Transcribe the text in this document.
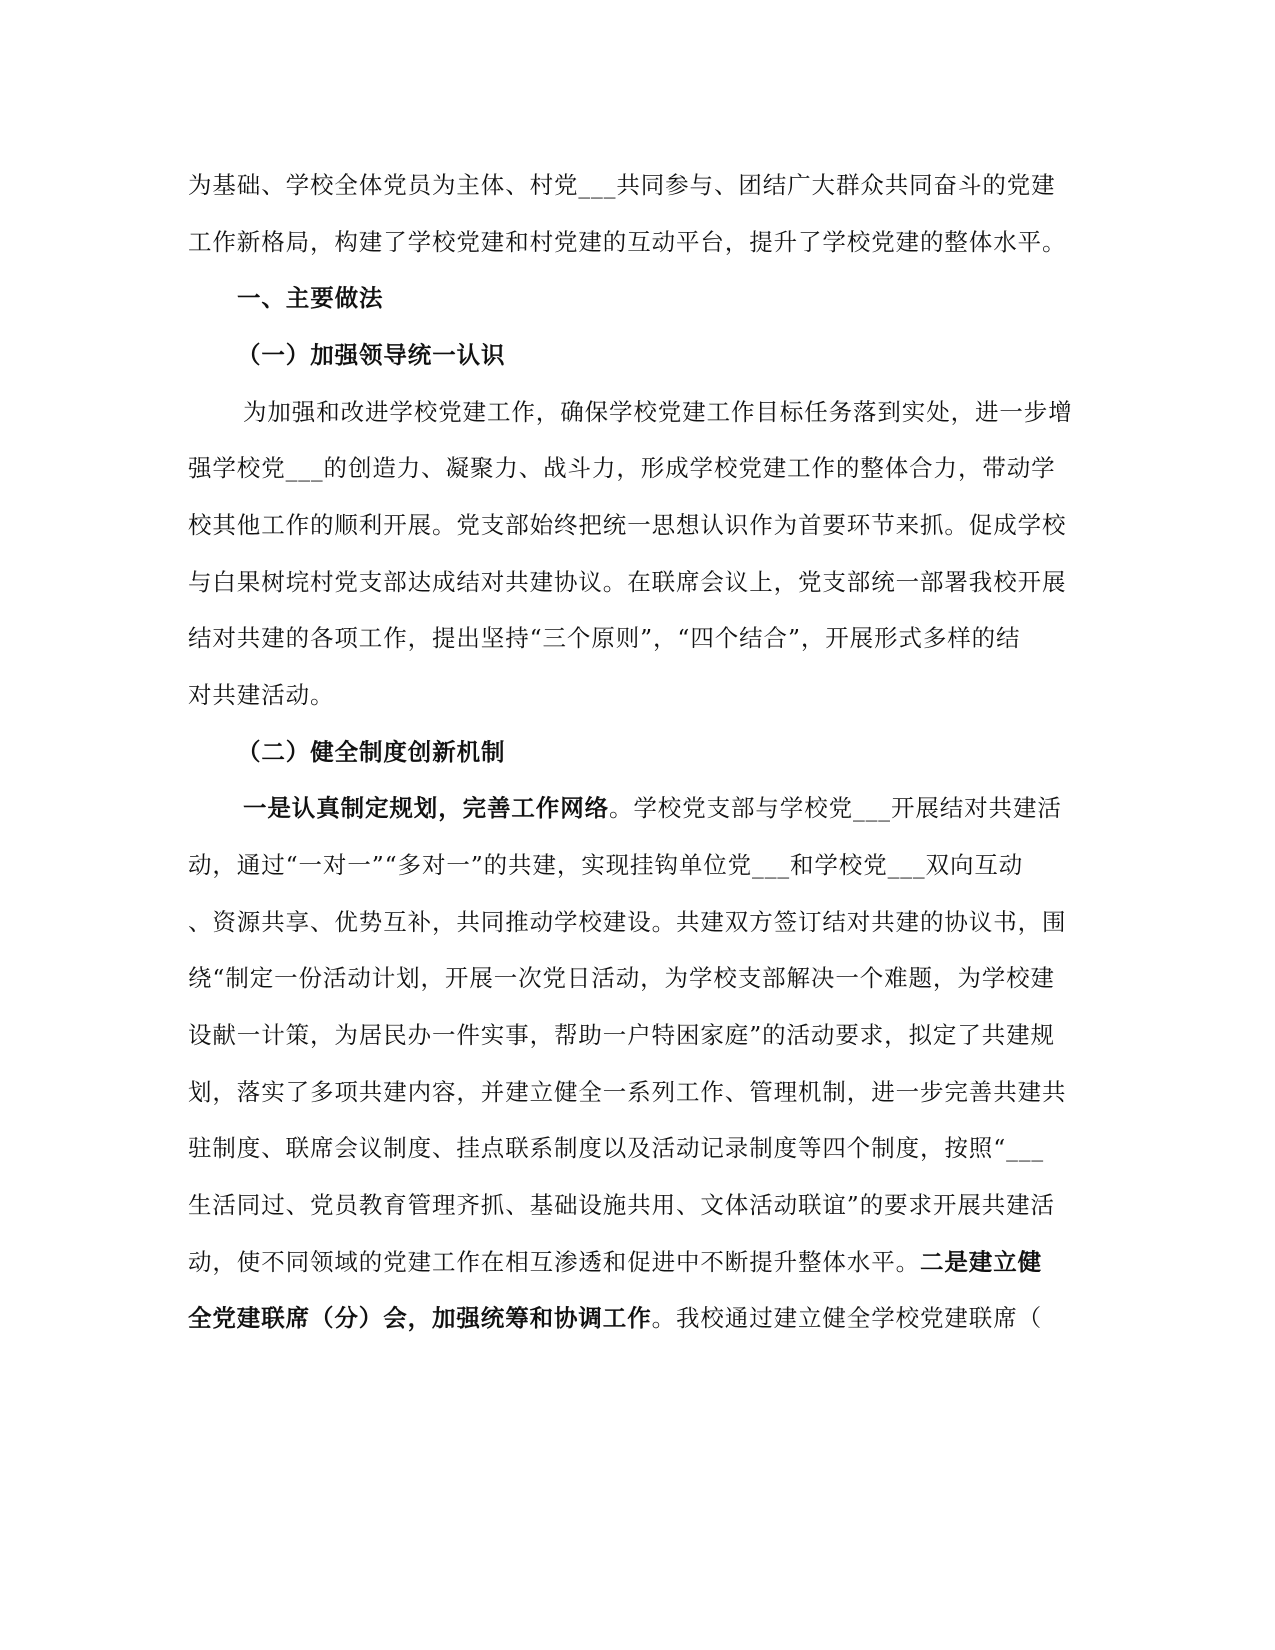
为基础、学校全体党员为主体、村党___共同参与、团结广大群众共同奋斗的党建
工作新格局，构建了学校党建和村党建的互动平台，提升了学校党建的整体水平。
一、主要做法
（一）加强领导统一认识
为加强和改进学校党建工作，确保学校党建工作目标任务落到实处，进一步增
强学校党___的创造力、凝聚力、战斗力，形成学校党建工作的整体合力，带动学
校其他工作的顺利开展。党支部始终把统一思想认识作为首要环节来抓。促成学校
与白果树垸村党支部达成结对共建协议。在联席会议上，党支部统一部署我校开展
结对共建的各项工作，提出坚持“三个原则”，“四个结合”，开展形式多样的结
对共建活动。
（二）健全制度创新机制
一是认真制定规划，完善工作网络。学校党支部与学校党___开展结对共建活
动，通过“一对一”“多对一”的共建，实现挂钩单位党___和学校党___双向互动
、资源共享、优势互补，共同推动学校建设。共建双方签订结对共建的协议书，围
绕“制定一份活动计划，开展一次党日活动，为学校支部解决一个难题，为学校建
设献一计策，为居民办一件实事，帮助一户特困家庭”的活动要求，拟定了共建规
划，落实了多项共建内容，并建立健全一系列工作、管理机制，进一步完善共建共
驻制度、联席会议制度、挂点联系制度以及活动记录制度等四个制度，按照“___
生活同过、党员教育管理齐抓、基础设施共用、文体活动联谊”的要求开展共建活
动，使不同领域的党建工作在相互渗透和促进中不断提升整体水平。二是建立健
全党建联席（分）会，加强统筹和协调工作。我校通过建立健全学校党建联席（
